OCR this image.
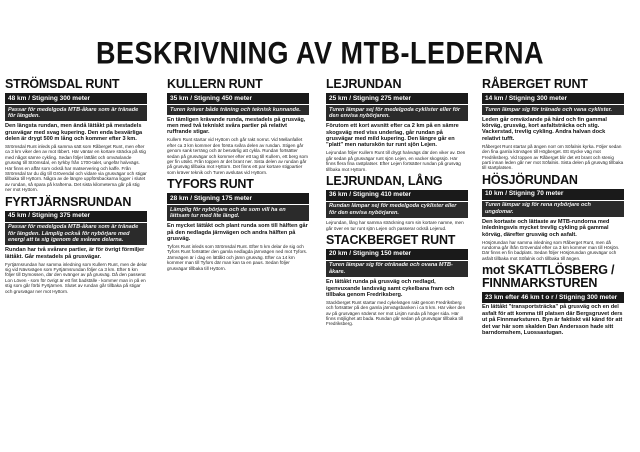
BESKRIVNING AV MTB-LEDERNA
STRÖMSDAL RUNT
48 km / Stigning 300 meter
Passar för medelgoda MTB-åkare som är tränade för längden.

Den längsta rundan, men ändå lättåkt på mestadels grusvägar med svag kupering. Den enda besvärliga delen är drygt 500 m lång och kommer efter 3 km.

Strömsdal Runt inleds på samma sätt som Råberget Runt, men efter ca 3 km viker den av mot Ibbert. Här väntar en kortare sträcka på stig med något sämre cykling. Sedan följer lättåkt och omväxlande grusväg till Strömsdal, en tyrkby från 1700-talet, ungefär halvvägs. Här finns en affär som också har matservering och kaffe. Från Strömsdal tar du dig till Grövendal och vidare via grusvägar och stigar tillbaka till Hyttorn. Några av de längre uppförsbackarna ligger i slutet av rundan, så spara på krafterna. Det sista kilometerna går på stig ner mot Hyttorn.

FYRTJÄRNSRUNDAN
45 km / Stigning 375 meter
Passar för medelgoda MTB-åkare som är tränade för längden. Lämplig också för nybörjare med energi att ta sig igenom de svårare delarna.

Rundan har två svårare partier, är för övrigt förmiljer lättåkt. Går mestadels på grusvägar.

Fyrtjärnsrundan har samma inledning som Kullern Runt, men de delar sig vid Nävsvägen som Fyrtjärnsrundan följer ca 3 km. Efter 5 km följer till Dymossen, där den svänger av på grusväg. Då den passerat Lon Löven - som för övrigt är ett fint badställe - kommer man in på en stig som går förbi Fyrtjärnen. Slutet av rundan går tillbaka på stigar och grusvägar ner mot Hyttorn.

KULLERN RUNT
35 km / Stigning 450 meter
Turen kräver både träning och teknisk kunnande.

En tämligen krävande runda, mestadels på grusväg, men med två tekniskt svåra partier på relativt ruffrande stigar.

Kullern Runt startar vid Hyttorn och går rakt norrut. Vid Mellanfallet efter ca 3 km kommer den första svåra delen av rundan. Stigen går genom sank terräng och är besvärlig att cykla. Rundan fortsätter sedan på grusvägar och kommer efter ett tag till Kullern, ett berg som ger fin utsikt. Från toppen är det brant ner. Sista delen av rundan går på grusväg tillbaka mot Hyttorn. Det finns ett par kortare stigpartier som kräver teknik och Turen avslutas vid Hyttorn.

TYFORS RUNT
28 km / Stigning 175 meter
Lämplig för nybörjare och de som vill ha en lättsam tur med lite längd.

En mycket lättåkt och plant runda som till hälften går på den nedlagda järnvägen och andra hälften på grusväg.

Tyfors Runt inleds som Strömsdal Runt. Efter 5 km delar de sig och Tyfors Runt fortsätter den gamla nedlagda järnvägen ned mot Tyfors. Järnvägen är i dag en lättåkt och jämn grusväg. Efter ca 14 km kommer man till Tyfors där man kan ta en paus. Sedan följer grusvägar tillbaka till Hyttorn.

LEJRUNDAN
25 km / Stigning 275 meter
Turen lämpar sej för medelgoda cyklister eller för den envisa nybörjaren.

Förutom ett kort avsnitt efter ca 2 km på en sämre skogsväg med viss underlag, går rundan på grusvägar med mild kupering. Den längre går en "platt" men naturskön tur runt sjön Lejen.

Lejrundan följer Kullern Runt till drygt halvvägs där den viker av. Den går sedan på grusvägar runt sjön Lejen, en vacker skogssjö. Här finns flera fina rastplatser. Efter Lejen fortsätter rundan på grusväg tillbaka mot Hyttorn.

LEJRUNDAN, LÅNG
36 km / Stigning 410 meter
Rundan lämpar sej för medelgoda cyklister eller för den envisa nybörjaren.

Lejrundan, lång har samma sträckning som sin kortare namne, men går över en tur runt sjön Lejen och passerar också Lejerud.

STACKBERGET RUNT
20 km / Stigning 150 meter
Turen lämpar sig för otränade och ovana MTB-åkare.

En lättåkt runda på grusväg och nedlagd, igenvuxande landsväg samt cykelbana fram och tillbaka genom Fredriksberg.

Stackberget Runt startar med cykelvägen rakt genom Fredriksberg och fortsätter på den gamla järnvägsbanken i ca 5 km. Här viker den av på grusvägen söderut ner mot Lisjön runda på höger sida. Här finns möjlighet att bada. Rundan går sedan på grusvägar tillbaka till Fredriksberg.

RÅBERGET RUNT
14 km / Stigning 300 meter
Turen lämpar sig för tränade och vana cyklister.

Leden går omväxlande på hård och fin gammal körväg, grusväg, kort asfaltsträcka och stig. Vackerstad, trevlig cykling. Andra halvan dock relativt tufft.

Råberget Runt startar på ängen norr om Söfalnis kyrka. Följer sedan den fina gamla körvägen till Högberget. Ett stycke väg mot Fredriksberg. Vid toppen av Råberget blir det ett brant och stenig parti innan leden går ner mot Söfalnis. Sista delen på grusväg tillbaka till startplatsen.

HÖSJÖRUNDAN
10 km / Stigning 70 meter
Turen lämpar sig för rena nybörjare och ungdomar.

Den kortaste och lättaste av MTB-rundorna med inledningsvis mycket trevlig cykling på gammal körväg, därefter grusväg och asfalt.

Hösjörundan har samma inledning som Råberget Runt, men då rundorna går ifrån Grövendal efter ca 3 km kommer man till Hösjön. Där finns en fin badplats. Sedan följer Hösjörundan grusvägar och asfalt tillbaka mot Söfalnis och tillbaka till ängen.

mot SKATTLÖSBERG / FINNMARKSTUREN
23 km efter 46 km t o r / Stigning 300 meter

En lättåkt "transportsträcka" på grusväg och en del asfalt för att komma till platsen där Bergsgruvet ders ut på Finnmarksturen. Byn är faktiskt väl känd för att det var här som skalden Dan Andersson hade sitt barndomshem, Luossastugan.
